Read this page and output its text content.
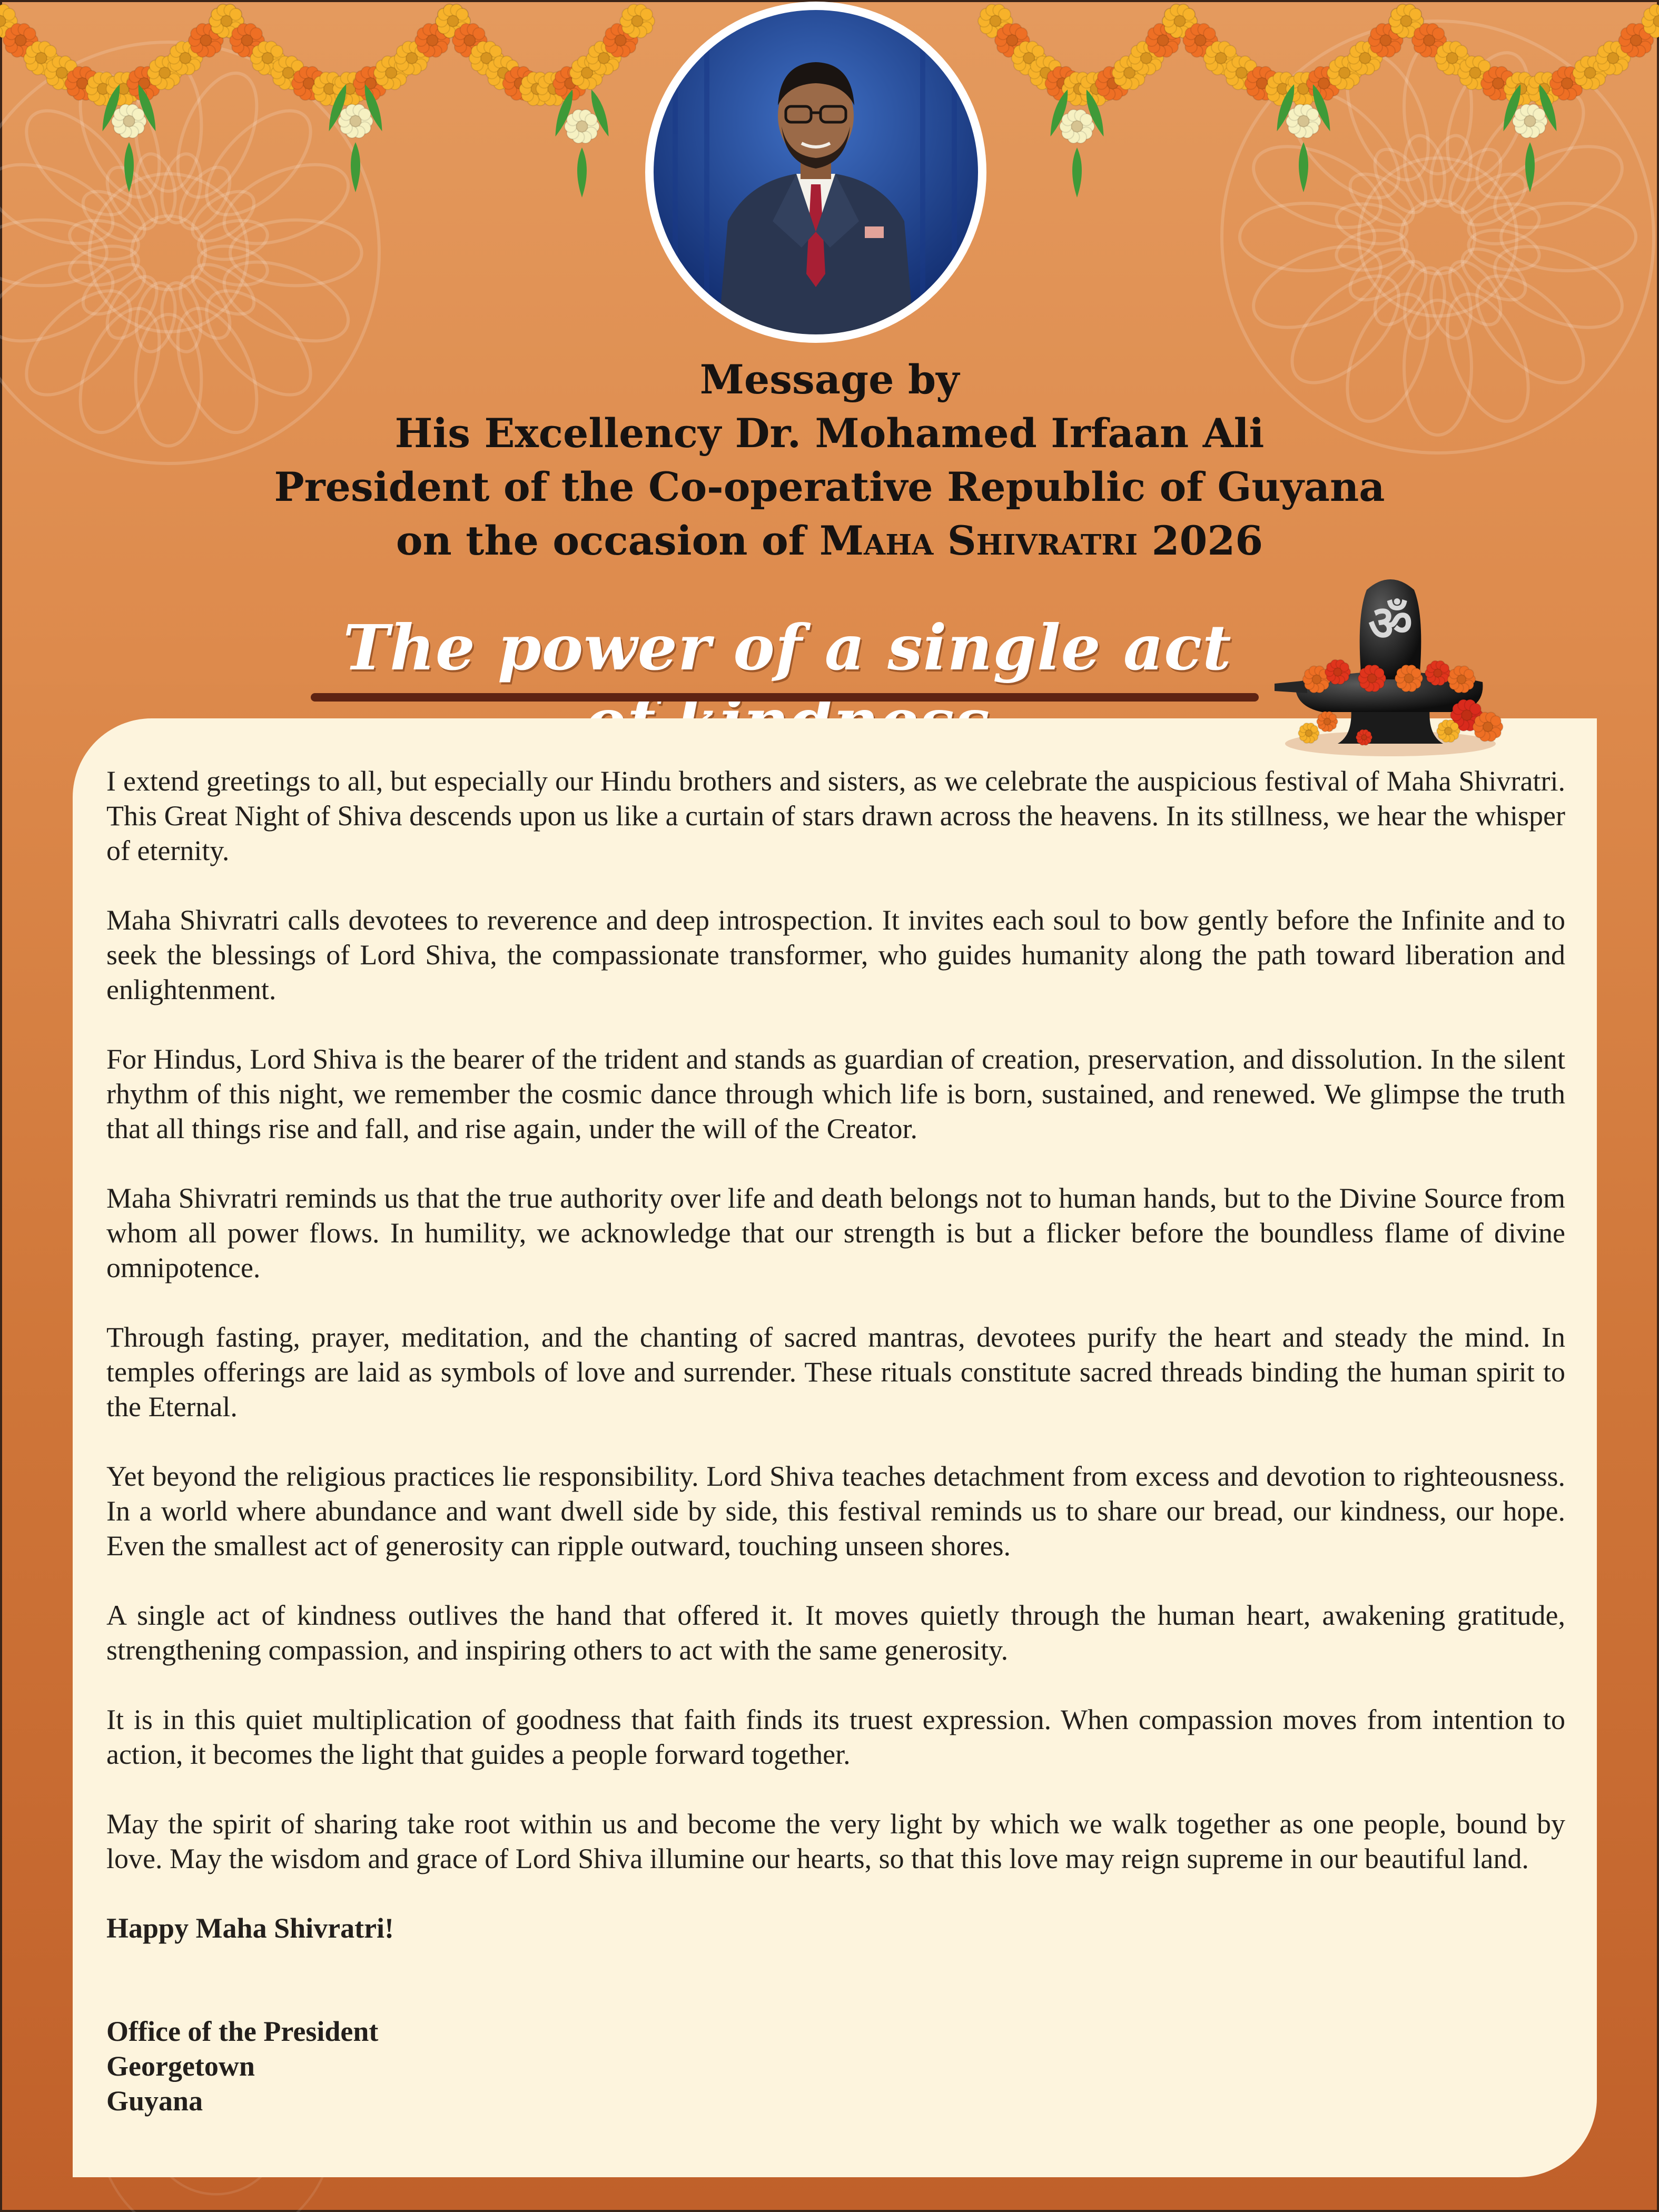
Message by
His Excellency Dr. Mohamed Irfaan Ali
President of the Co-operative Republic of Guyana
on the occasion of Maha Shivratri 2026
The power of a single act	ॐ

I extend greetings to all, but especially our Hindu brothers and sisters, as we celebrate the auspicious festival of Maha Shivratri. This Great Night of Shiva descends upon us like a curtain of stars drawn across the heavens. In its stillness, we hear the whisper of eternity.

Maha Shivratri calls devotees to reverence and deep introspection. It invites each soul to bow gently before the Infinite and to seek the blessings of Lord Shiva, the compassionate transformer, who guides humanity along the path toward liberation and enlightenment.

For Hindus, Lord Shiva is the bearer of the trident and stands as guardian of creation, preservation, and dissolution. In the silent rhythm of this night, we remember the cosmic dance through which life is born, sustained, and renewed. We glimpse the truth that all things rise and fall, and rise again, under the will of the Creator.

Maha Shivratri reminds us that the true authority over life and death belongs not to human hands, but to the Divine Source from whom all power flows. In humility, we acknowledge that our strength is but a flicker before the boundless flame of divine omnipotence.

Through fasting, prayer, meditation, and the chanting of sacred mantras, devotees purify the heart and steady the mind. In temples offerings are laid as symbols of love and surrender. These rituals constitute sacred threads binding the human spirit to the Eternal.

Yet beyond the religious practices lie responsibility. Lord Shiva teaches detachment from excess and devotion to righteousness. In a world where abundance and want dwell side by side, this festival reminds us to share our bread, our kindness, our hope. Even the smallest act of generosity can ripple outward, touching unseen shores.

A single act of kindness outlives the hand that offered it. It moves quietly through the human heart, awakening gratitude, strengthening compassion, and inspiring others to act with the same generosity.

It is in this quiet multiplication of goodness that faith finds its truest expression. When compassion moves from intention to action, it becomes the light that guides a people forward together.

May the spirit of sharing take root within us and become the very light by which we walk together as one people, bound by love. May the wisdom and grace of Lord Shiva illumine our hearts, so that this love may reign supreme in our beautiful land.

Happy Maha Shivratri!

Office of the President
Georgetown
Guyana
